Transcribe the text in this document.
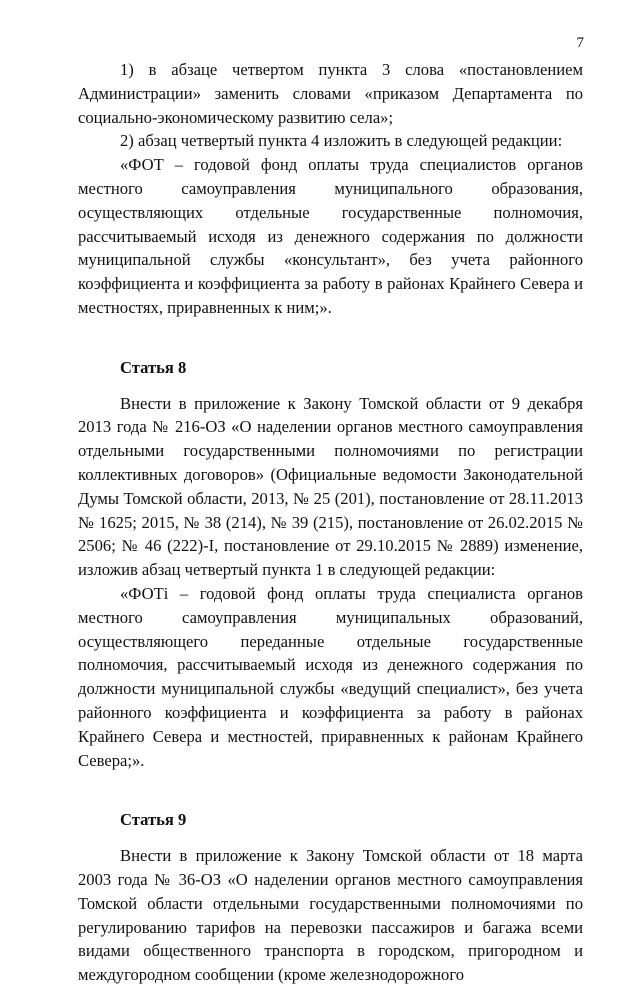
7

1) в абзаце четвертом пункта 3 слова «постановлением Администрации» заменить словами «приказом Департамента по социально-экономическому развитию села»;

2) абзац четвертый пункта 4 изложить в следующей редакции:

«ФОТ – годовой фонд оплаты труда специалистов органов местного самоуправления муниципального образования, осуществляющих отдельные государственные полномочия, рассчитываемый исходя из денежного содержания по должности муниципальной службы «консультант», без учета районного коэффициента и коэффициента за работу в районах Крайнего Севера и местностях, приравненных к ним;».

Статья 8

Внести в приложение к Закону Томской области от 9 декабря 2013 года № 216-ОЗ «О наделении органов местного самоуправления отдельными государственными полномочиями по регистрации коллективных договоров» (Официальные ведомости Законодательной Думы Томской области, 2013, № 25 (201), постановление от 28.11.2013 № 1625; 2015, № 38 (214), № 39 (215), постановление от 26.02.2015 № 2506; № 46 (222)-I, постановление от 29.10.2015 № 2889) изменение, изложив абзац четвертый пункта 1 в следующей редакции:

«ФОТi – годовой фонд оплаты труда специалиста органов местного самоуправления муниципальных образований, осуществляющего переданные отдельные государственные полномочия, рассчитываемый исходя из денежного содержания по должности муниципальной службы «ведущий специалист», без учета районного коэффициента и коэффициента за работу в районах Крайнего Севера и местностей, приравненных к районам Крайнего Севера;».

Статья 9

Внести в приложение к Закону Томской области от 18 марта 2003 года № 36-ОЗ «О наделении органов местного самоуправления Томской области отдельными государственными полномочиями по регулированию тарифов на перевозки пассажиров и багажа всеми видами общественного транспорта в городском, пригородном и междугородном сообщении (кроме железнодорожного
